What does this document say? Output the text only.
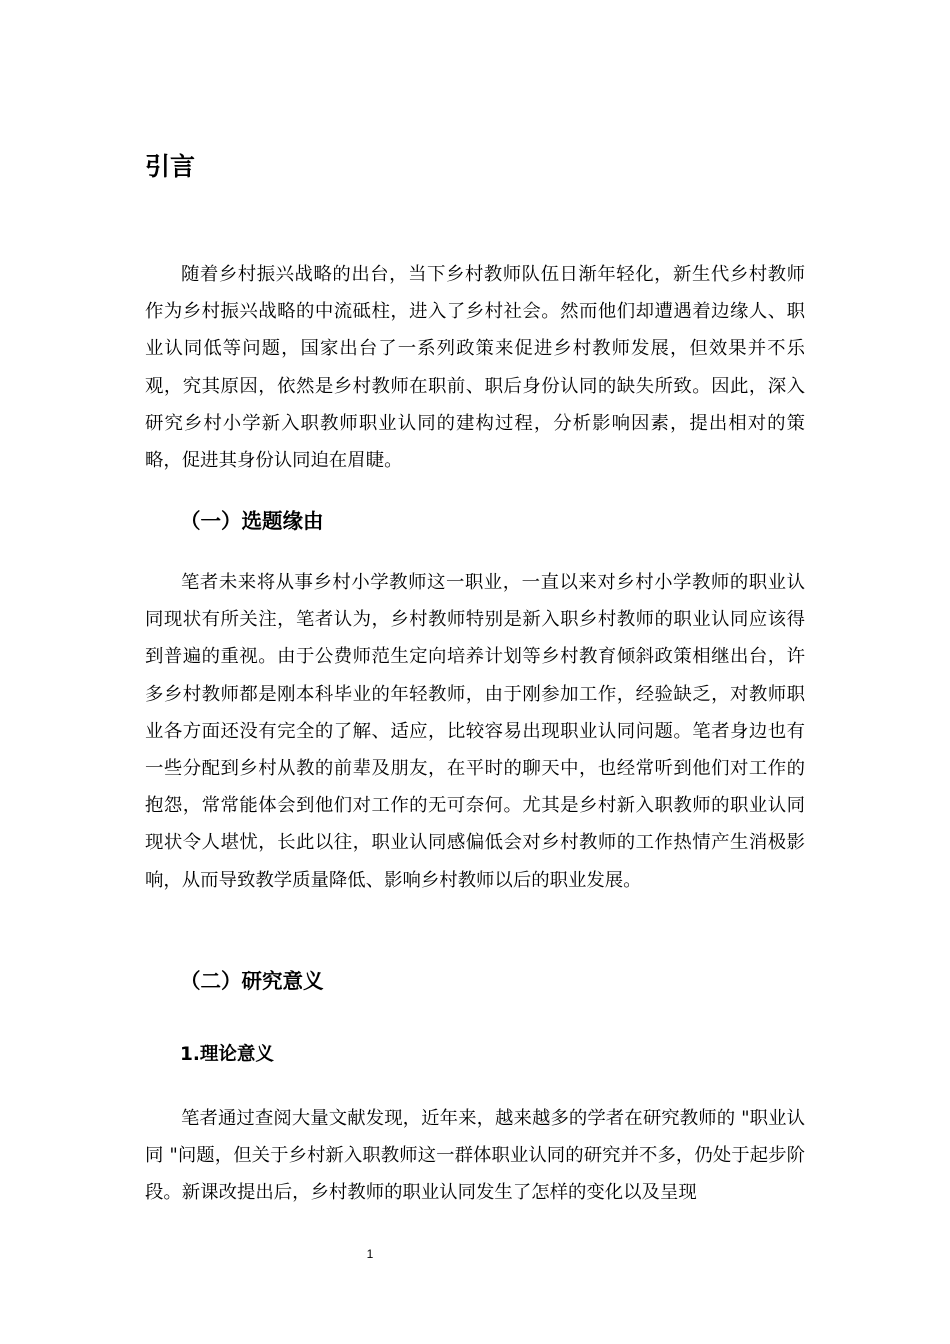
引言

随着乡村振兴战略的出台，当下乡村教师队伍日渐年轻化，新生代乡村教师作为乡村振兴战略的中流砥柱，进入了乡村社会。然而他们却遭遇着边缘人、职业认同低等问题，国家出台了一系列政策来促进乡村教师发展，但效果并不乐观，究其原因，依然是乡村教师在职前、职后身份认同的缺失所致。因此，深入研究乡村小学新入职教师职业认同的建构过程，分析影响因素，提出相对的策略，促进其身份认同迫在眉睫。

（一）选题缘由

笔者未来将从事乡村小学教师这一职业，一直以来对乡村小学教师的职业认同现状有所关注，笔者认为，乡村教师特别是新入职乡村教师的职业认同应该得到普遍的重视。由于公费师范生定向培养计划等乡村教育倾斜政策相继出台，许多乡村教师都是刚本科毕业的年轻教师，由于刚参加工作，经验缺乏，对教师职业各方面还没有完全的了解、适应，比较容易出现职业认同问题。笔者身边也有一些分配到乡村从教的前辈及朋友，在平时的聊天中，也经常听到他们对工作的抱怨，常常能体会到他们对工作的无可奈何。尤其是乡村新入职教师的职业认同现状令人堪忧，长此以往，职业认同感偏低会对乡村教师的工作热情产生消极影响，从而导致教学质量降低、影响乡村教师以后的职业发展。

（二）研究意义
1.理论意义

笔者通过查阅大量文献发现，近年来，越来越多的学者在研究教师的 "职业认同 "问题，但关于乡村新入职教师这一群体职业认同的研究并不多，仍处于起步阶段。新课改提出后，乡村教师的职业认同发生了怎样的变化以及呈现

1
